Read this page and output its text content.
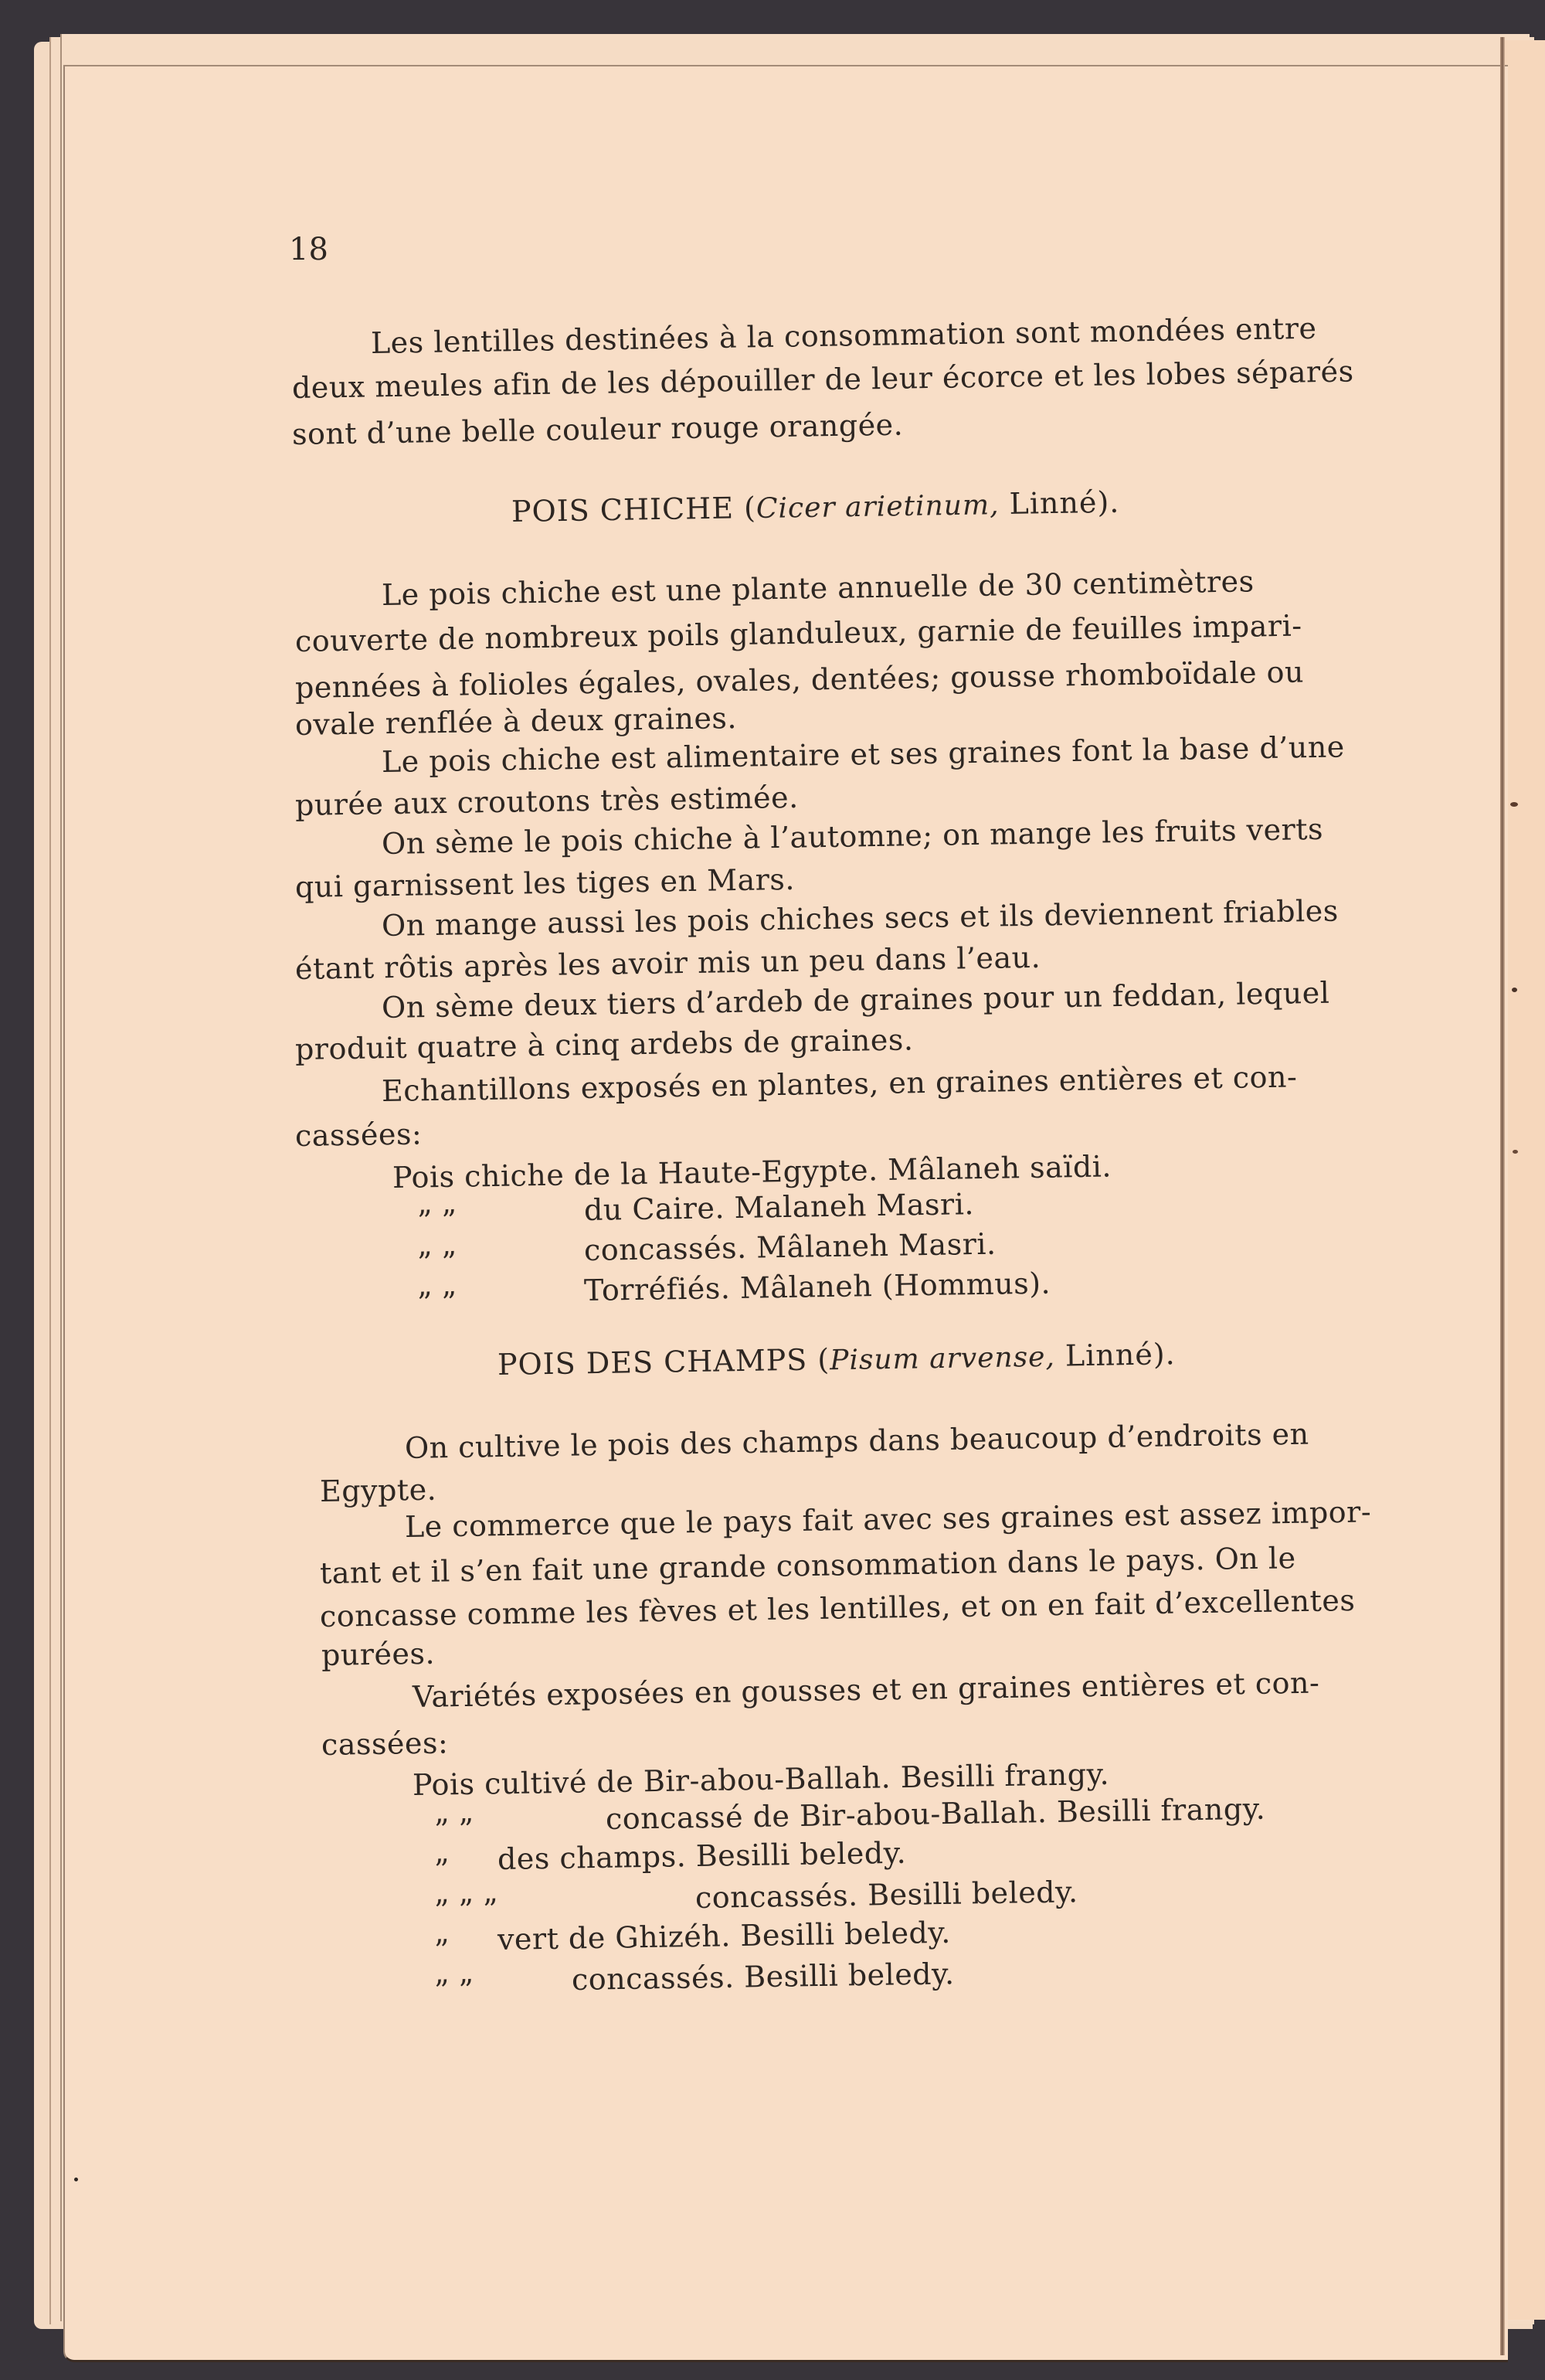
18
Les lentilles destinées à la consommation sont mondées entre
deux meules afin de les dépouiller de leur écorce et les lobes séparés
sont d’une belle couleur rouge orangée.
POIS CHICHE (Cicer arietinum, Linné).
Le pois chiche est une plante annuelle de 30 centimètres
couverte de nombreux poils glanduleux, garnie de feuilles impari-
pennées à folioles égales, ovales, dentées; gousse rhomboïdale ou
ovale renflée à deux graines.
Le pois chiche est alimentaire et ses graines font la base d’une
purée aux croutons très estimée.
On sème le pois chiche à l’automne; on mange les fruits verts
qui garnissent les tiges en Mars.
On mange aussi les pois chiches secs et ils deviennent friables
étant rôtis après les avoir mis un peu dans l’eau.
On sème deux tiers d’ardeb de graines pour un feddan, lequel
produit quatre à cinq ardebs de graines.
Echantillons exposés en plantes, en graines entières et con-
cassées:
Pois chiche de la Haute-Egypte. Mâlaneh saïdi.
” ”	du Caire. Malaneh Masri.
” ”	concassés. Mâlaneh Masri.
” ”	Torréfiés. Mâlaneh (Hommus).
POIS DES CHAMPS (Pisum arvense, Linné).
On cultive le pois des champs dans beaucoup d’endroits en
Egypte.
Le commerce que le pays fait avec ses graines est assez impor-
tant et il s’en fait une grande consommation dans le pays. On le
concasse comme les fèves et les lentilles, et on en fait d’excellentes
purées.
Variétés exposées en gousses et en graines entières et con-
cassées:
Pois cultivé de Bir-abou-Ballah. Besilli frangy.
” ”	concassé de Bir-abou-Ballah. Besilli frangy.
” des champs. Besilli beledy.
” ” ”	concassés. Besilli beledy.
” vert de Ghizéh. Besilli beledy.
” ”	concassés. Besilli beledy.
